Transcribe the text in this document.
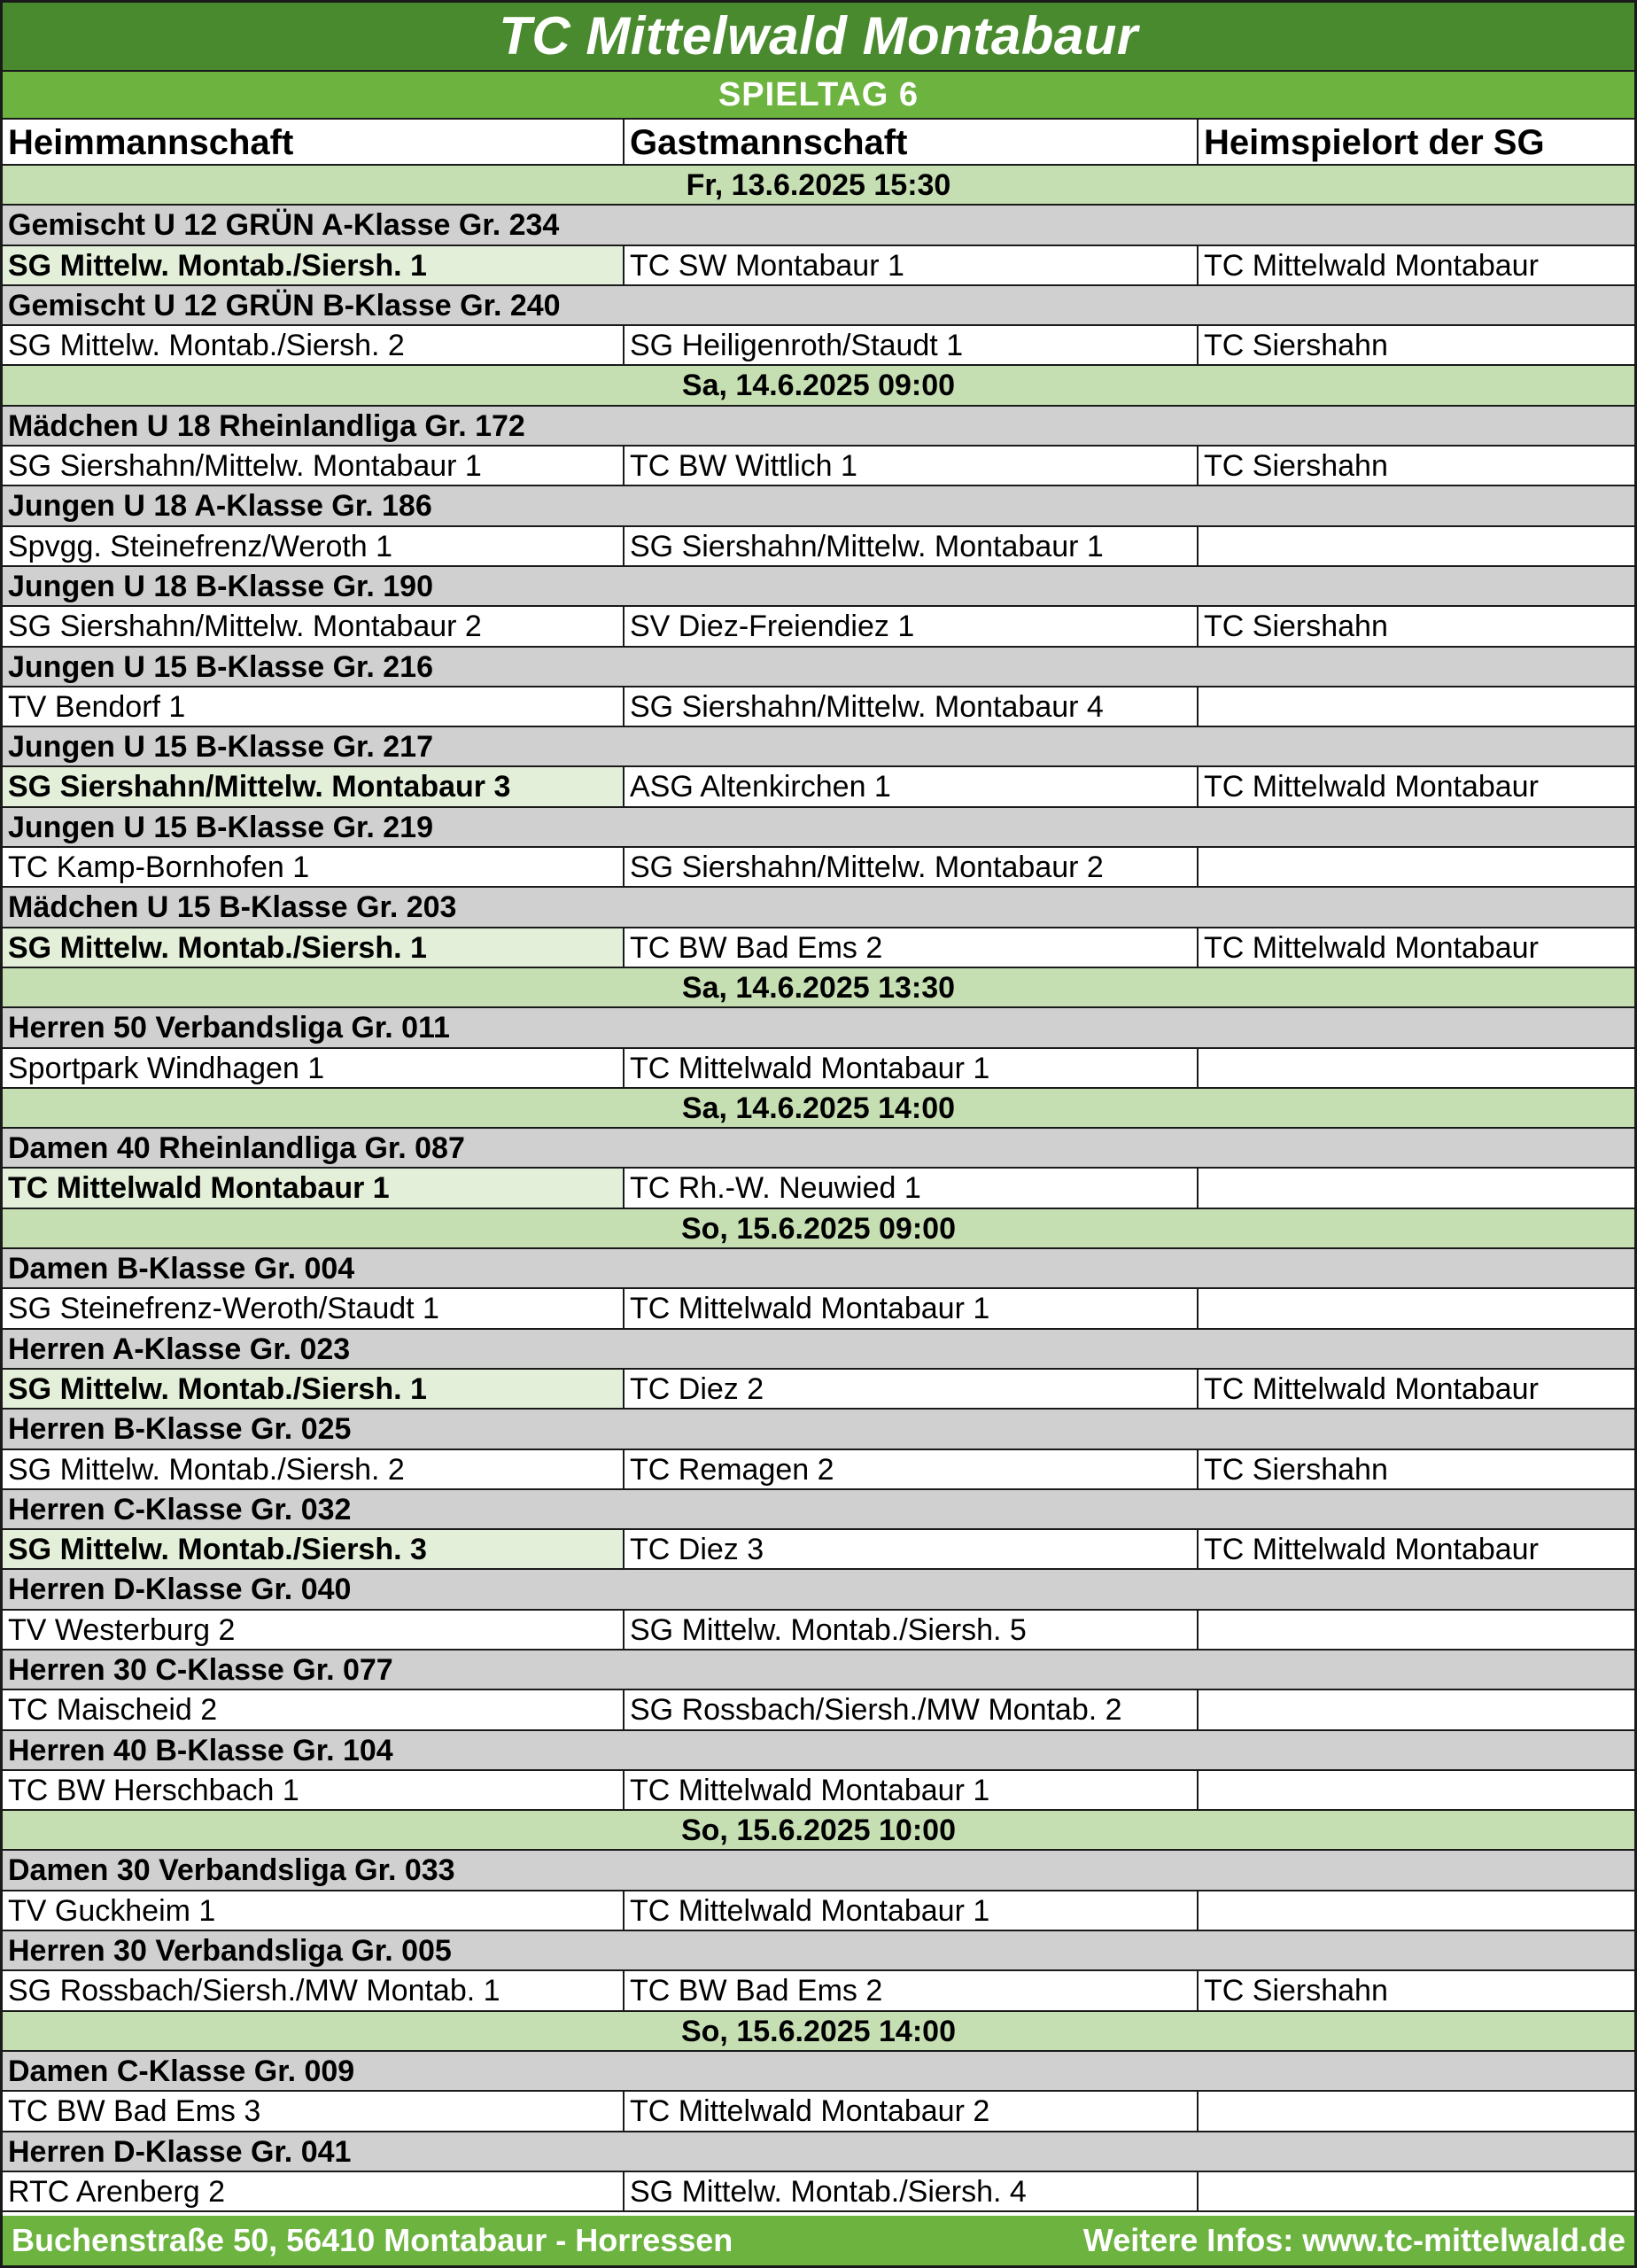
TC Mittelwald Montabaur
SPIELTAG 6
Heimmannschaft	Gastmannschaft	Heimspielort der SG
Fr, 13.6.2025 15:30
Gemischt U 12 GRÜN A-Klasse Gr. 234
SG Mittelw. Montab./Siersh. 1	TC SW Montabaur 1	TC Mittelwald Montabaur
Gemischt U 12 GRÜN B-Klasse Gr. 240
SG Mittelw. Montab./Siersh. 2	SG Heiligenroth/Staudt 1	TC Siershahn
Sa, 14.6.2025 09:00
Mädchen U 18 Rheinlandliga Gr. 172
SG Siershahn/Mittelw. Montabaur 1	TC BW Wittlich 1	TC Siershahn
Jungen U 18 A-Klasse Gr. 186
Spvgg. Steinefrenz/Weroth 1	SG Siershahn/Mittelw. Montabaur 1
Jungen U 18 B-Klasse Gr. 190
SG Siershahn/Mittelw. Montabaur 2	SV Diez-Freiendiez 1	TC Siershahn
Jungen U 15 B-Klasse Gr. 216
TV Bendorf 1	SG Siershahn/Mittelw. Montabaur 4
Jungen U 15 B-Klasse Gr. 217
SG Siershahn/Mittelw. Montabaur 3	ASG Altenkirchen 1	TC Mittelwald Montabaur
Jungen U 15 B-Klasse Gr. 219
TC Kamp-Bornhofen 1	SG Siershahn/Mittelw. Montabaur 2
Mädchen U 15 B-Klasse Gr. 203
SG Mittelw. Montab./Siersh. 1	TC BW Bad Ems 2	TC Mittelwald Montabaur
Sa, 14.6.2025 13:30
Herren 50 Verbandsliga Gr. 011
Sportpark Windhagen 1	TC Mittelwald Montabaur 1
Sa, 14.6.2025 14:00
Damen 40 Rheinlandliga Gr. 087
TC Mittelwald Montabaur 1	TC Rh.-W. Neuwied 1
So, 15.6.2025 09:00
Damen B-Klasse Gr. 004
SG Steinefrenz-Weroth/Staudt 1	TC Mittelwald Montabaur 1
Herren A-Klasse Gr. 023
SG Mittelw. Montab./Siersh. 1	TC Diez 2	TC Mittelwald Montabaur
Herren B-Klasse Gr. 025
SG Mittelw. Montab./Siersh. 2	TC Remagen 2	TC Siershahn
Herren C-Klasse Gr. 032
SG Mittelw. Montab./Siersh. 3	TC Diez 3	TC Mittelwald Montabaur
Herren D-Klasse Gr. 040
TV Westerburg 2	SG Mittelw. Montab./Siersh. 5
Herren 30 C-Klasse Gr. 077
TC Maischeid 2	SG Rossbach/Siersh./MW Montab. 2
Herren 40 B-Klasse Gr. 104
TC BW Herschbach 1	TC Mittelwald Montabaur 1
So, 15.6.2025 10:00
Damen 30 Verbandsliga Gr. 033
TV Guckheim 1	TC Mittelwald Montabaur 1
Herren 30 Verbandsliga Gr. 005
SG Rossbach/Siersh./MW Montab. 1	TC BW Bad Ems 2	TC Siershahn
So, 15.6.2025 14:00
Damen C-Klasse Gr. 009
TC BW Bad Ems 3	TC Mittelwald Montabaur 2
Herren D-Klasse Gr. 041
RTC Arenberg 2	SG Mittelw. Montab./Siersh. 4
Buchenstraße 50, 56410 Montabaur - Horressen	Weitere Infos: www.tc-mittelwald.de
